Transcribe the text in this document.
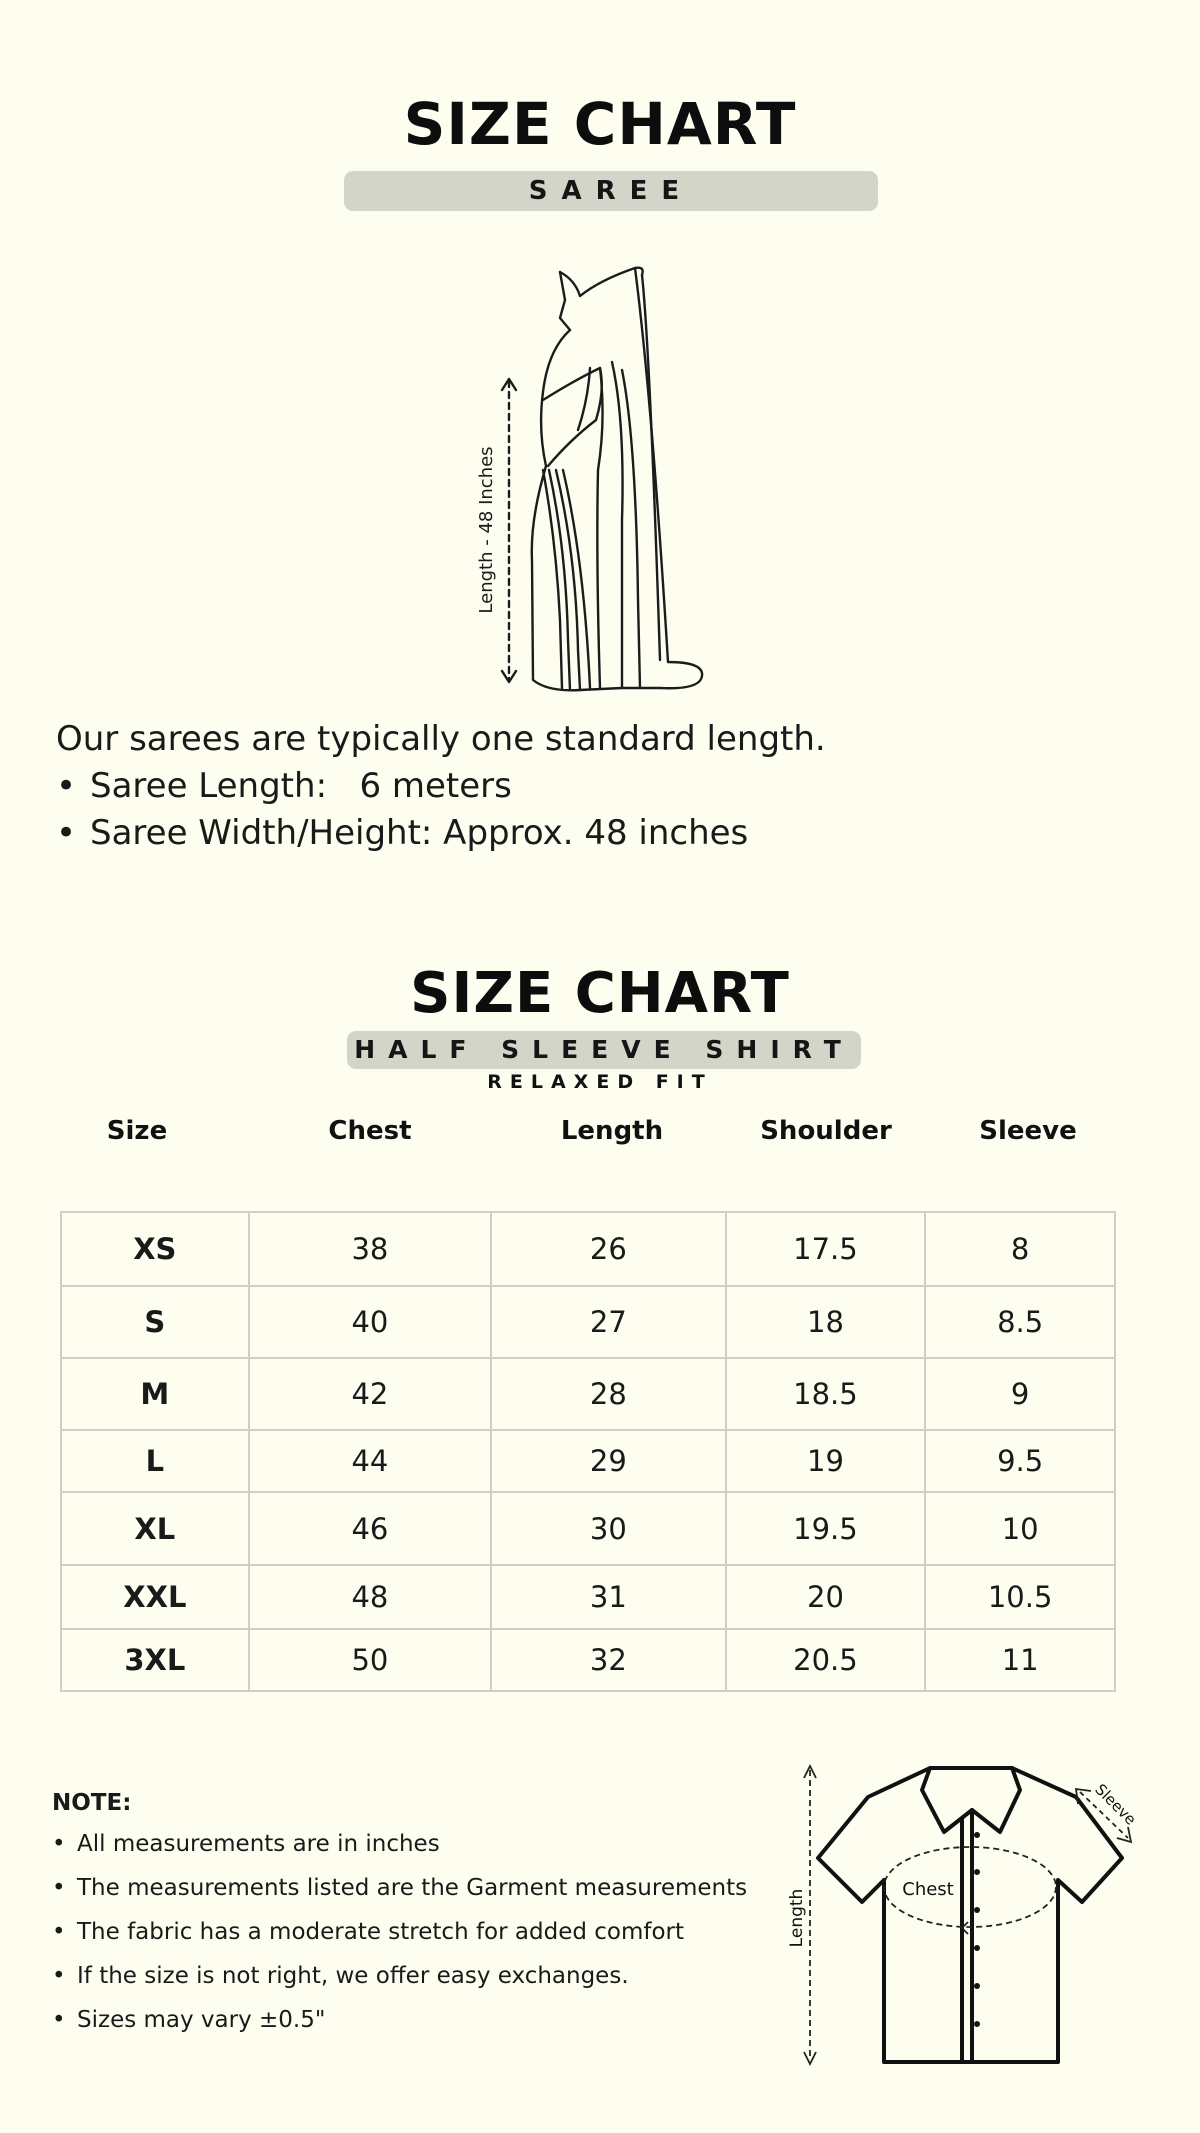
SIZE CHART
SAREE
Length - 48 Inches
Our sarees are typically one standard length.
• Saree Length:   6 meters
• Saree Width/Height: Approx. 48 inches
SIZE CHART
HALF SLEEVE SHIRT
RELAXED FIT
Size	Chest	Length	Shoulder	Sleeve
XS	38	26	17.5	8
S	40	27	18	8.5
M	42	28	18.5	9
L	44	29	19	9.5
XL	46	30	19.5	10
XXL	48	31	20	10.5
3XL	50	32	20.5	11
NOTE:
• All measurements are in inches
• The measurements listed are the Garment measurements
• The fabric has a moderate stretch for added comfort
• If the size is not right, we offer easy exchanges.
• Sizes may vary ±0.5"
Length	Chest
Sleeve
